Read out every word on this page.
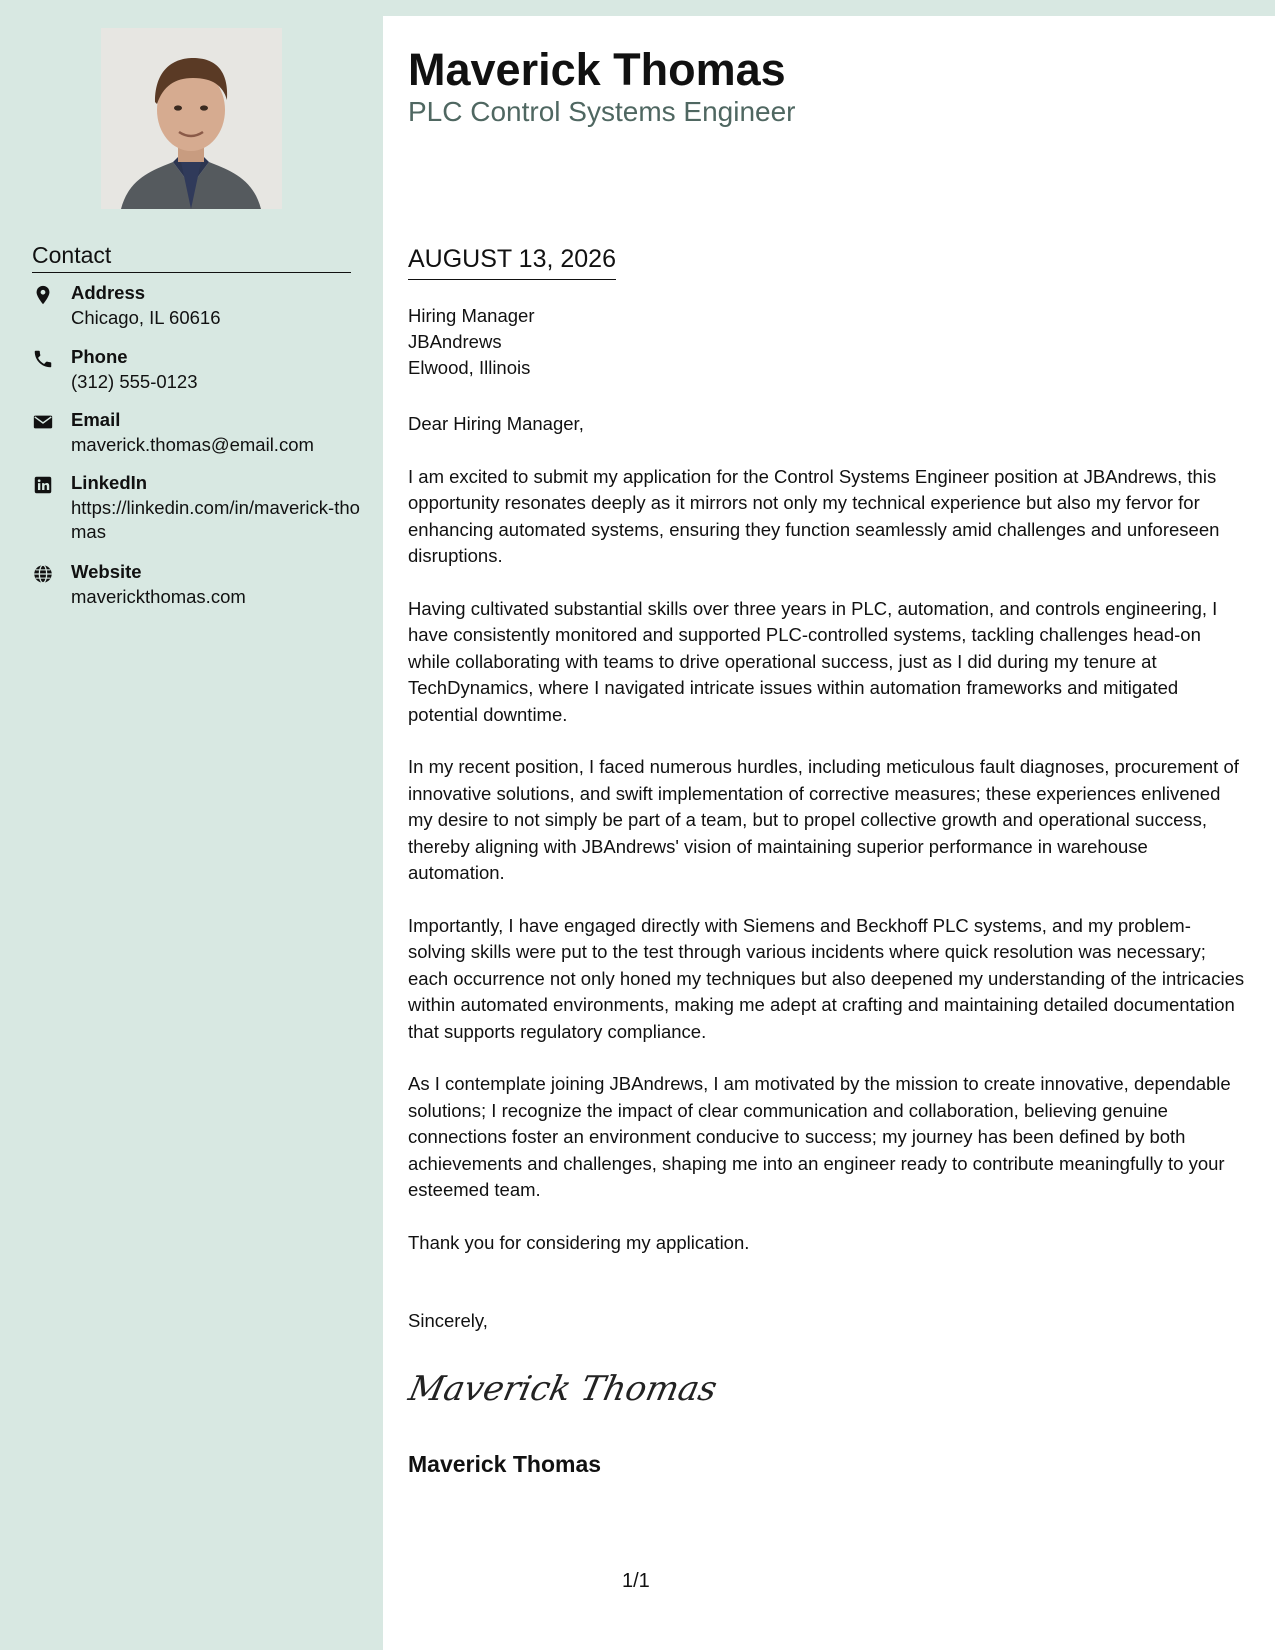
Contact
Address
Chicago, IL 60616
Phone
(312) 555-0123
Email
maverick.thomas@email.com
LinkedIn
https://linkedin.com/in/maverick-thomas
Website
maverickthomas.com
Maverick Thomas
PLC Control Systems Engineer
AUGUST 13, 2026
Hiring Manager
JBAndrews
Elwood, Illinois

Dear Hiring Manager,

I am excited to submit my application for the Control Systems Engineer position at JBAndrews, this opportunity resonates deeply as it mirrors not only my technical experience but also my fervor for enhancing automated systems, ensuring they function seamlessly amid challenges and unforeseen disruptions.

Having cultivated substantial skills over three years in PLC, automation, and controls engineering, I have consistently monitored and supported PLC-controlled systems, tackling challenges head-on while collaborating with teams to drive operational success, just as I did during my tenure at TechDynamics, where I navigated intricate issues within automation frameworks and mitigated potential downtime.

In my recent position, I faced numerous hurdles, including meticulous fault diagnoses, procurement of innovative solutions, and swift implementation of corrective measures; these experiences enlivened my desire to not simply be part of a team, but to propel collective growth and operational success, thereby aligning with JBAndrews' vision of maintaining superior performance in warehouse automation.

Importantly, I have engaged directly with Siemens and Beckhoff PLC systems, and my problem-solving skills were put to the test through various incidents where quick resolution was necessary; each occurrence not only honed my techniques but also deepened my understanding of the intricacies within automated environments, making me adept at crafting and maintaining detailed documentation that supports regulatory compliance.

As I contemplate joining JBAndrews, I am motivated by the mission to create innovative, dependable solutions; I recognize the impact of clear communication and collaboration, believing genuine connections foster an environment conducive to success; my journey has been defined by both achievements and challenges, shaping me into an engineer ready to contribute meaningfully to your esteemed team.

Thank you for considering my application.

Sincerely,
Maverick Thomas
Maverick Thomas
1/1
